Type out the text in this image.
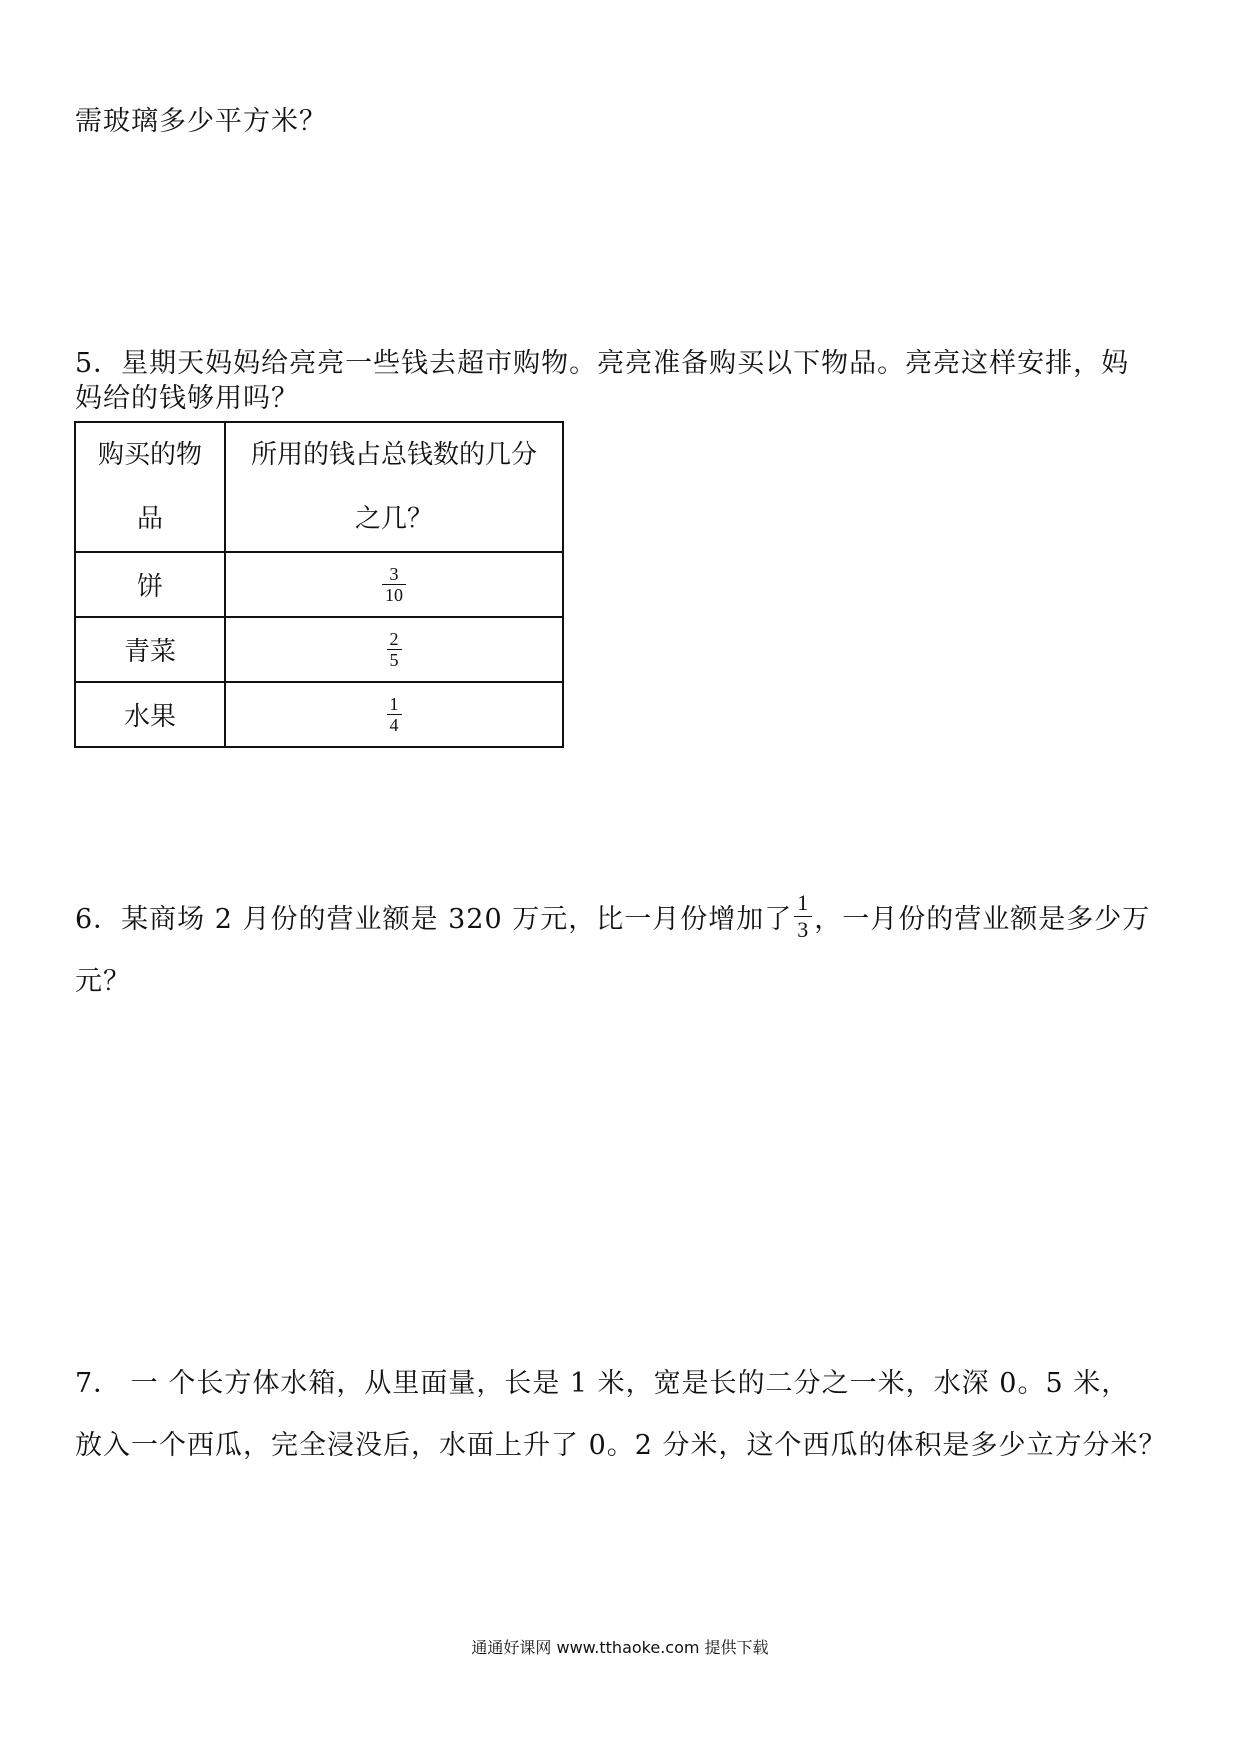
需玻璃多少平方米？
5．星期天妈妈给亮亮一些钱去超市购物。亮亮准备购买以下物品。亮亮这样安排，妈
妈给的钱够用吗？
购买的物品	所用的钱占总钱数的几分之几？
饼	$\frac{3}{10}$

青菜	$\frac{2}{5}$

水果	$\frac{1}{4}$
6．某商场 2 月份的营业额是 320 万元，比一月份增加了 $\frac{1}{3}$ ，一月份的营业额是多少万
元？
7． 一 个长方体水箱，从里面量，长是 1 米，宽是长的二分之一米，水深 0。5 米，
放入一个西瓜，完全浸没后，水面上升了 0。2 分米，这个西瓜的体积是多少立方分米？
通通好课网 www.tthaoke.com 提供下载
